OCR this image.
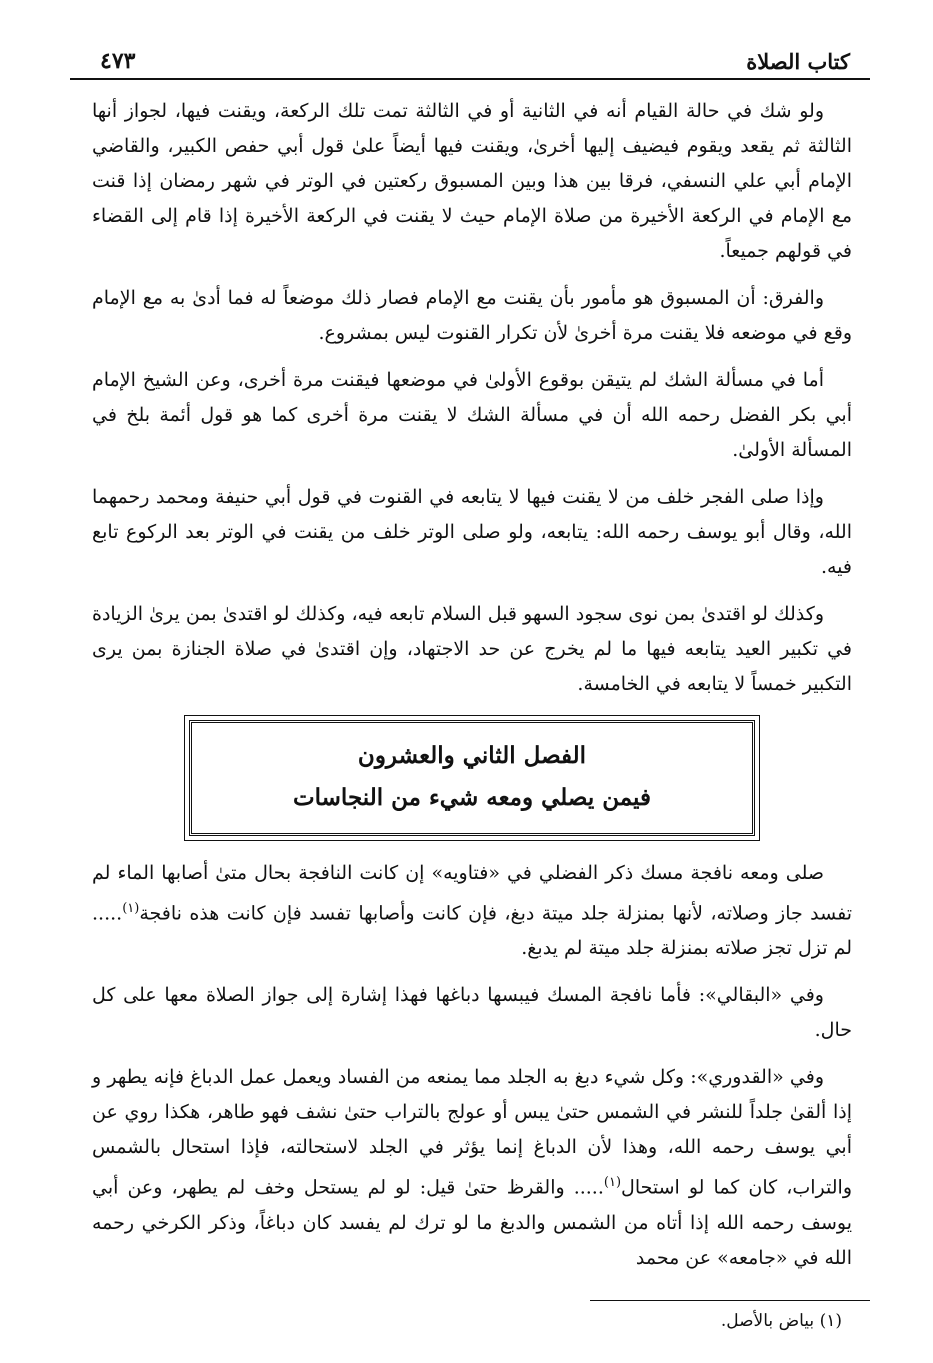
كتاب الصلاة
٤٧٣

ولو شك في حالة القيام أنه في الثانية أو في الثالثة تمت تلك الركعة، ويقنت فيها، لجواز أنها الثالثة ثم يقعد ويقوم فيضيف إليها أخرىٰ، ويقنت فيها أيضاً علىٰ قول أبي حفص الكبير، والقاضي الإمام أبي علي النسفي، فرقا بين هذا وبين المسبوق ركعتين في الوتر في شهر رمضان إذا قنت مع الإمام في الركعة الأخيرة من صلاة الإمام حيث لا يقنت في الركعة الأخيرة إذا قام إلى القضاء في قولهم جميعاً.

والفرق: أن المسبوق هو مأمور بأن يقنت مع الإمام فصار ذلك موضعاً له فما أدىٰ به مع الإمام وقع في موضعه فلا يقنت مرة أخرىٰ لأن تكرار القنوت ليس بمشروع.

أما في مسألة الشك لم يتيقن بوقوع الأولىٰ في موضعها فيقنت مرة أخرى، وعن الشيخ الإمام أبي بكر الفضل رحمه الله أن في مسألة الشك لا يقنت مرة أخرى كما هو قول أئمة بلخ في المسألة الأولىٰ.

وإذا صلى الفجر خلف من لا يقنت فيها لا يتابعه في القنوت في قول أبي حنيفة ومحمد رحمهما الله، وقال أبو يوسف رحمه الله: يتابعه، ولو صلى الوتر خلف من يقنت في الوتر بعد الركوع تابع فيه.

وكذلك لو اقتدىٰ بمن نوى سجود السهو قبل السلام تابعه فيه، وكذلك لو اقتدىٰ بمن يرىٰ الزيادة في تكبير العيد يتابعه فيها ما لم يخرج عن حد الاجتهاد، وإن اقتدىٰ في صلاة الجنازة بمن يرى التكبير خمساً لا يتابعه في الخامسة.

الفصل الثاني والعشرون
فيمن يصلي ومعه شيء من النجاسات

صلى ومعه نافجة مسك ذكر الفضلي في «فتاويه» إن كانت النافجة بحال متىٰ أصابها الماء لم تفسد جاز وصلاته، لأنها بمنزلة جلد ميتة دبغ، فإن كانت وأصابها تفسد فإن كانت هذه نافجة$^{(١)}$..... لم تزل تجز صلاته بمنزلة جلد ميتة لم يدبغ.

وفي «البقالي»: فأما نافجة المسك فيبسها دباغها فهذا إشارة إلى جواز الصلاة معها على كل حال.

وفي «القدوري»: وكل شيء دبغ به الجلد مما يمنعه من الفساد ويعمل عمل الدباغ فإنه يطهر و إذا ألقىٰ جلداً للنشر في الشمس حتىٰ يبس أو عولج بالتراب حتىٰ نشف فهو طاهر، هكذا روي عن أبي يوسف رحمه الله، وهذا لأن الدباغ إنما يؤثر في الجلد لاستحالته، فإذا استحال بالشمس والتراب، كان كما لو استحال$^{(١)}$..... والقرظ حتىٰ قيل: لو لم يستحل وخف لم يطهر، وعن أبي يوسف رحمه الله إذا أتاه من الشمس والدبغ ما لو ترك لم يفسد كان دباغاً، وذكر الكرخي رحمه الله في «جامعه» عن محمد

(١) بياض بالأصل.
